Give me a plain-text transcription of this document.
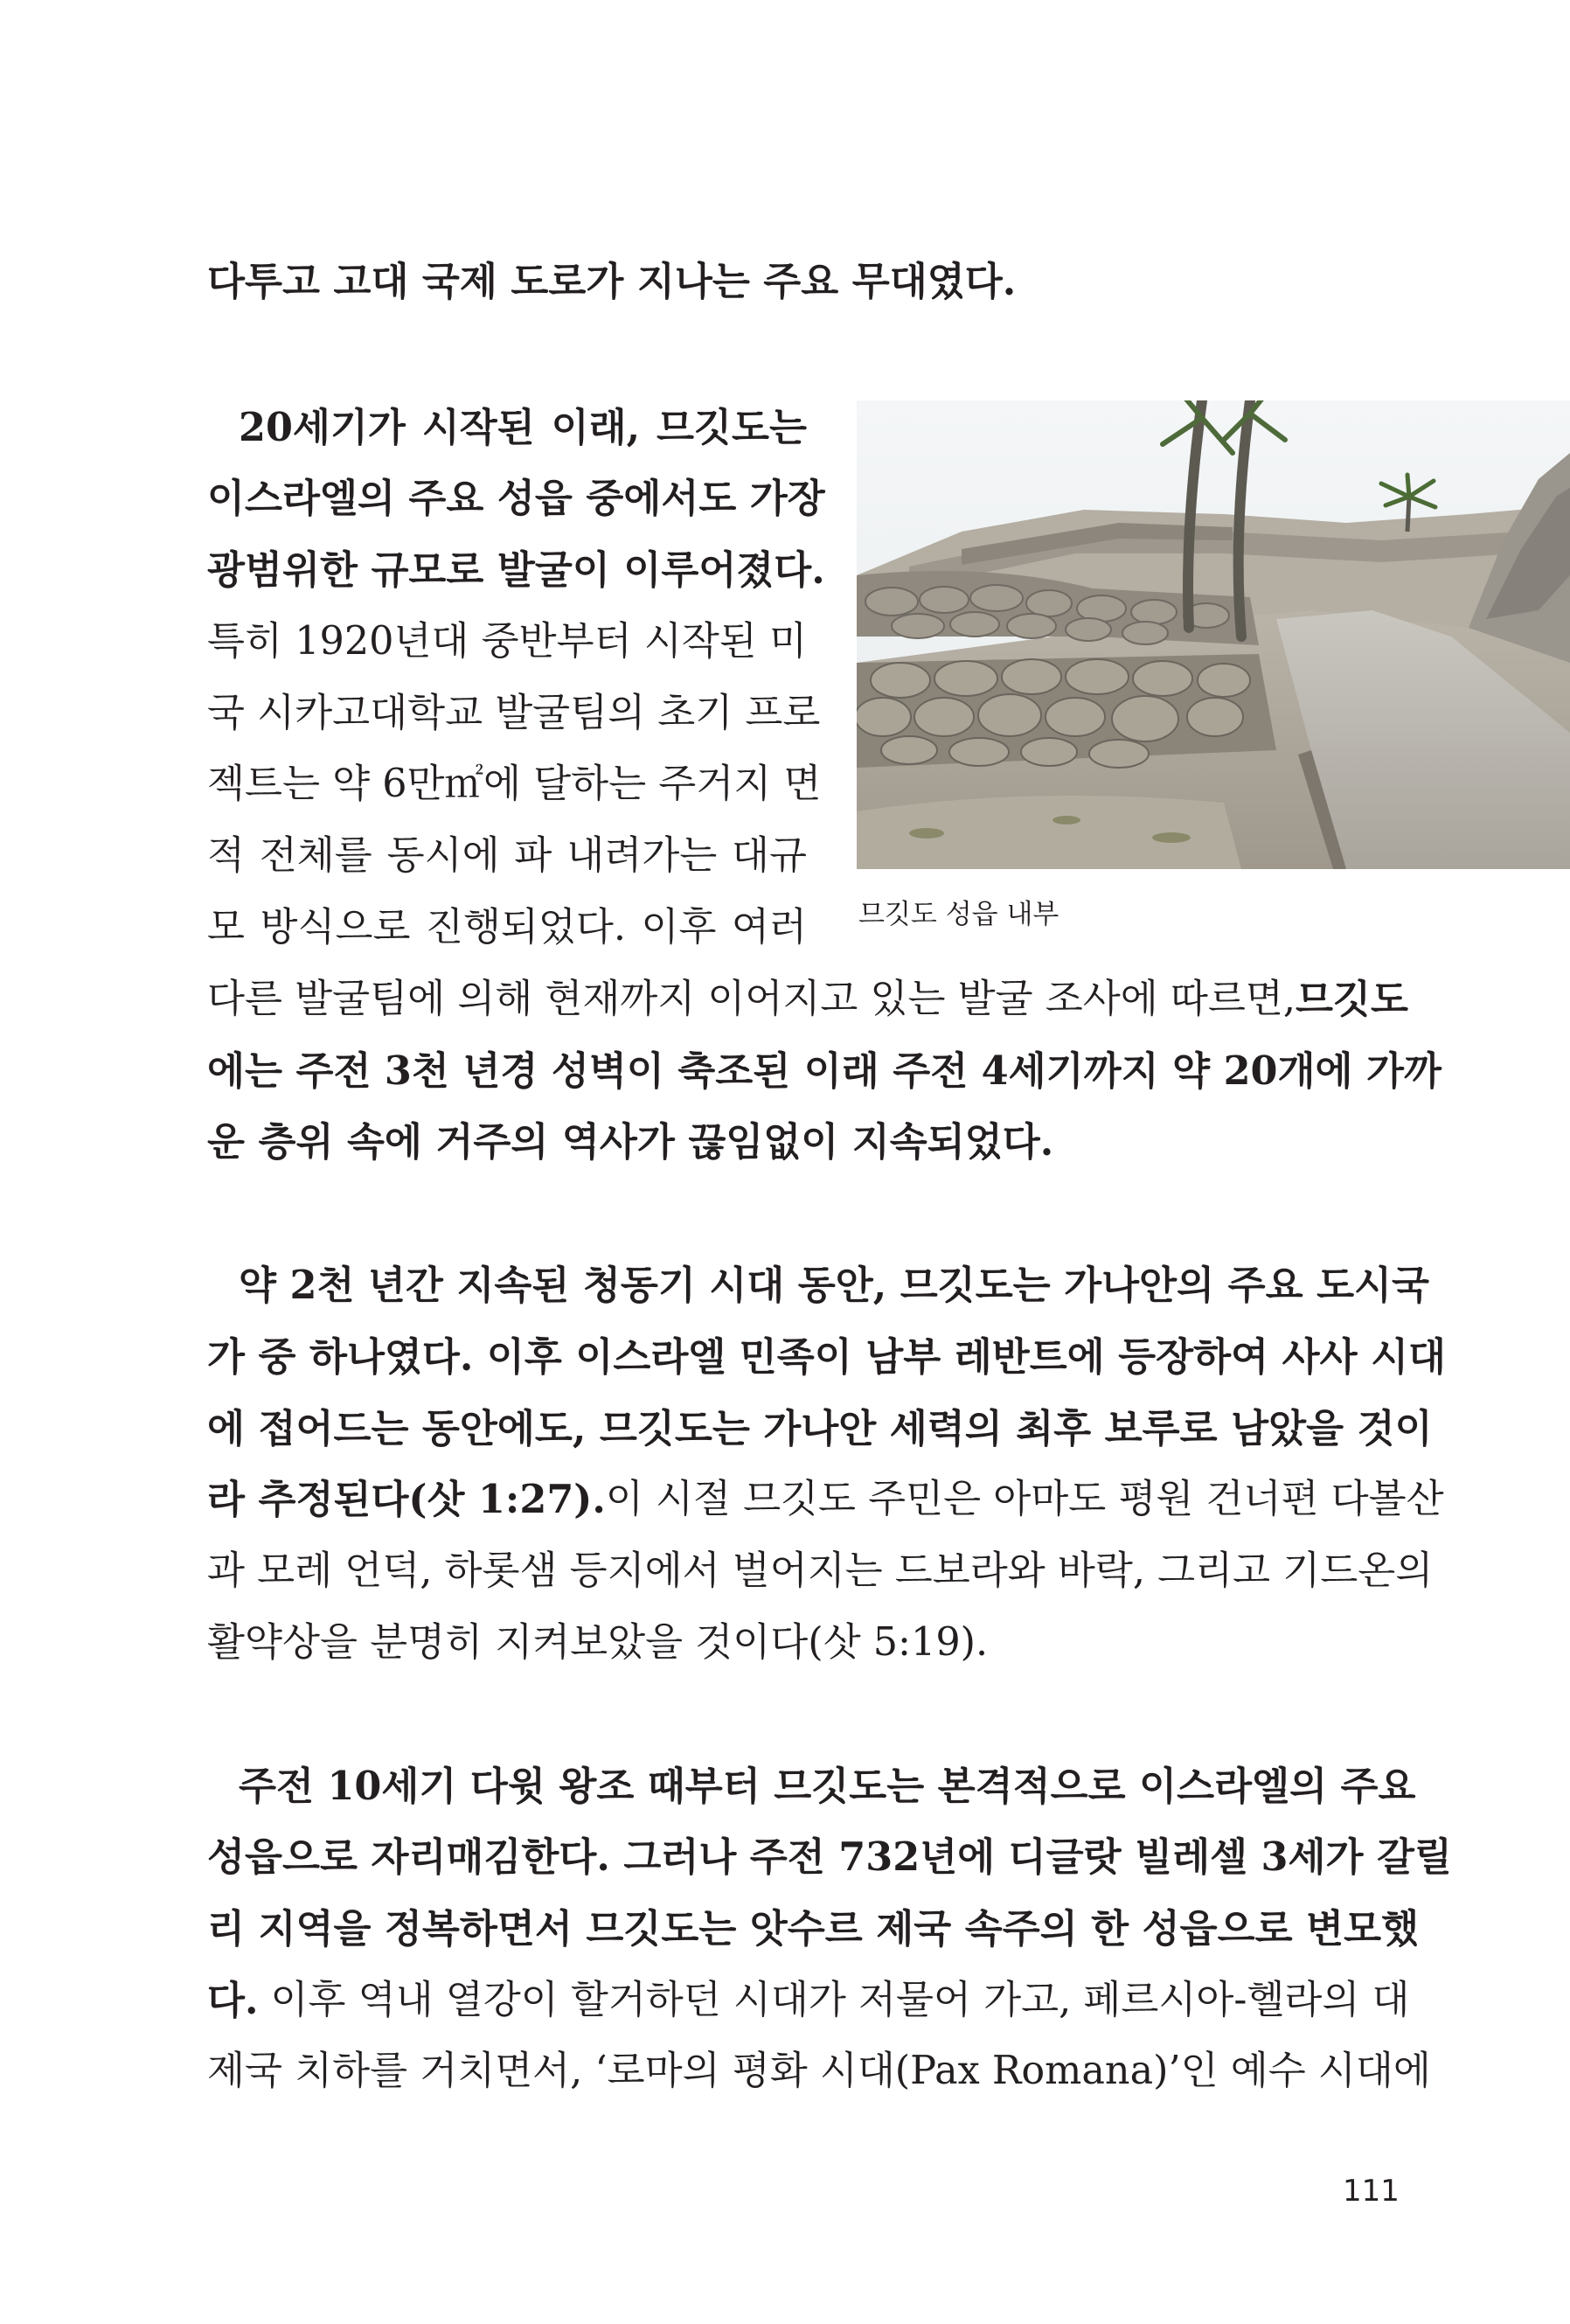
다투고 고대 국제 도로가 지나는 주요 무대였다.
20세기가 시작된 이래, 므깃도는
이스라엘의 주요 성읍 중에서도 가장
광범위한 규모로 발굴이 이루어졌다.
특히 1920년대 중반부터 시작된 미
국 시카고대학교 발굴팀의 초기 프로
젝트는 약 6만㎡에 달하는 주거지 면
적 전체를 동시에 파 내려가는 대규
모 방식으로 진행되었다. 이후 여러
다른 발굴팀에 의해 현재까지 이어지고 있는 발굴 조사에 따르면, 므깃도
에는 주전 3천 년경 성벽이 축조된 이래 주전 4세기까지 약 20개에 가까
운 층위 속에 거주의 역사가 끊임없이 지속되었다.
약 2천 년간 지속된 청동기 시대 동안, 므깃도는 가나안의 주요 도시국
가 중 하나였다. 이후 이스라엘 민족이 남부 레반트에 등장하여 사사 시대
에 접어드는 동안에도, 므깃도는 가나안 세력의 최후 보루로 남았을 것이
라 추정된다(삿 1:27). 이 시절 므깃도 주민은 아마도 평원 건너편 다볼산
과 모레 언덕, 하롯샘 등지에서 벌어지는 드보라와 바락, 그리고 기드온의
활약상을 분명히 지켜보았을 것이다(삿 5:19).
주전 10세기 다윗 왕조 때부터 므깃도는 본격적으로 이스라엘의 주요
성읍으로 자리매김한다. 그러나 주전 732년에 디글랏 빌레셀 3세가 갈릴
리 지역을 정복하면서 므깃도는 앗수르 제국 속주의 한 성읍으로 변모했
다. 이후 역내 열강이 할거하던 시대가 저물어 가고, 페르시아-헬라의 대
제국 치하를 거치면서, ‘로마의 평화 시대(Pax Romana)’인 예수 시대에
므깃도 성읍 내부
111
